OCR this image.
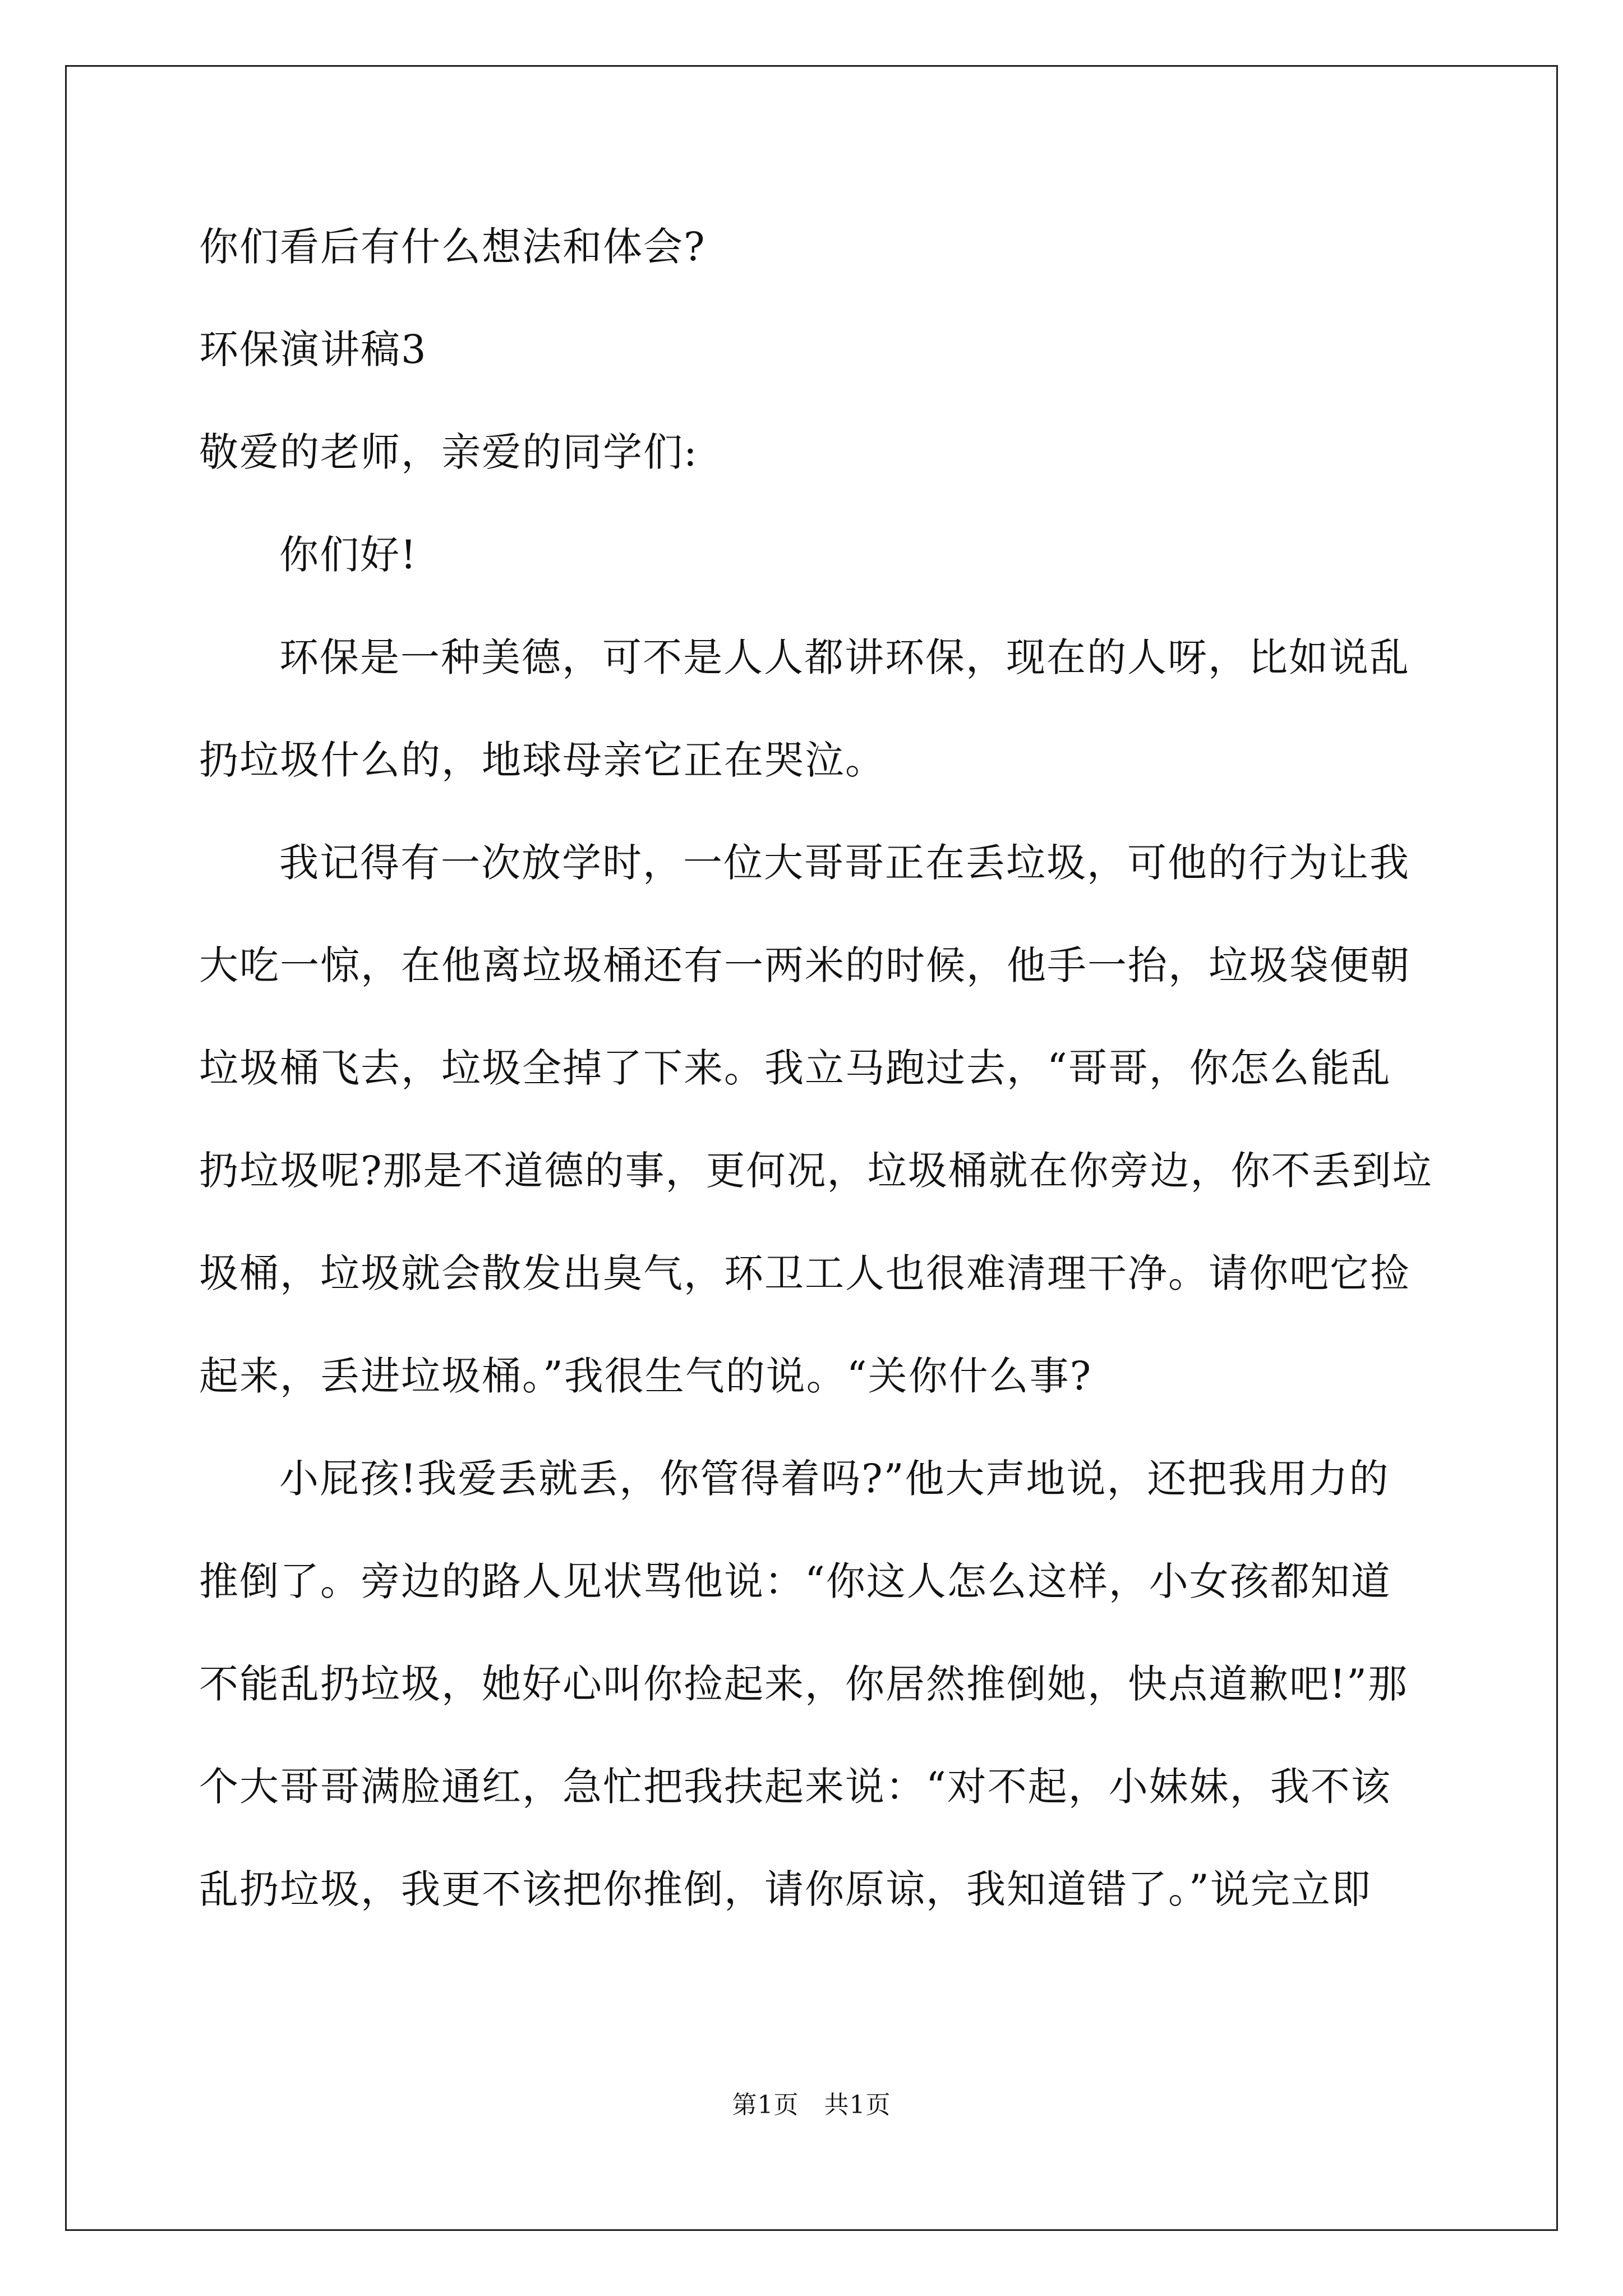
你们看后有什么想法和体会?
环保演讲稿3
敬爱的老师，亲爱的同学们:
你们好!
环保是一种美德，可不是人人都讲环保，现在的人呀，比如说乱
扔垃圾什么的，地球母亲它正在哭泣。
我记得有一次放学时，一位大哥哥正在丢垃圾，可他的行为让我
大吃一惊，在他离垃圾桶还有一两米的时候，他手一抬，垃圾袋便朝
垃圾桶飞去，垃圾全掉了下来。我立马跑过去，“哥哥，你怎么能乱
扔垃圾呢?那是不道德的事，更何况，垃圾桶就在你旁边，你不丢到垃
圾桶，垃圾就会散发出臭气，环卫工人也很难清理干净。请你吧它捡
起来，丢进垃圾桶。”我很生气的说。“关你什么事?
小屁孩!我爱丢就丢，你管得着吗?”他大声地说，还把我用力的
推倒了。旁边的路人见状骂他说：“你这人怎么这样，小女孩都知道
不能乱扔垃圾，她好心叫你捡起来，你居然推倒她，快点道歉吧!”那
个大哥哥满脸通红，急忙把我扶起来说：“对不起，小妹妹，我不该
乱扔垃圾，我更不该把你推倒，请你原谅，我知道错了。”说完立即
第1页　共1页
